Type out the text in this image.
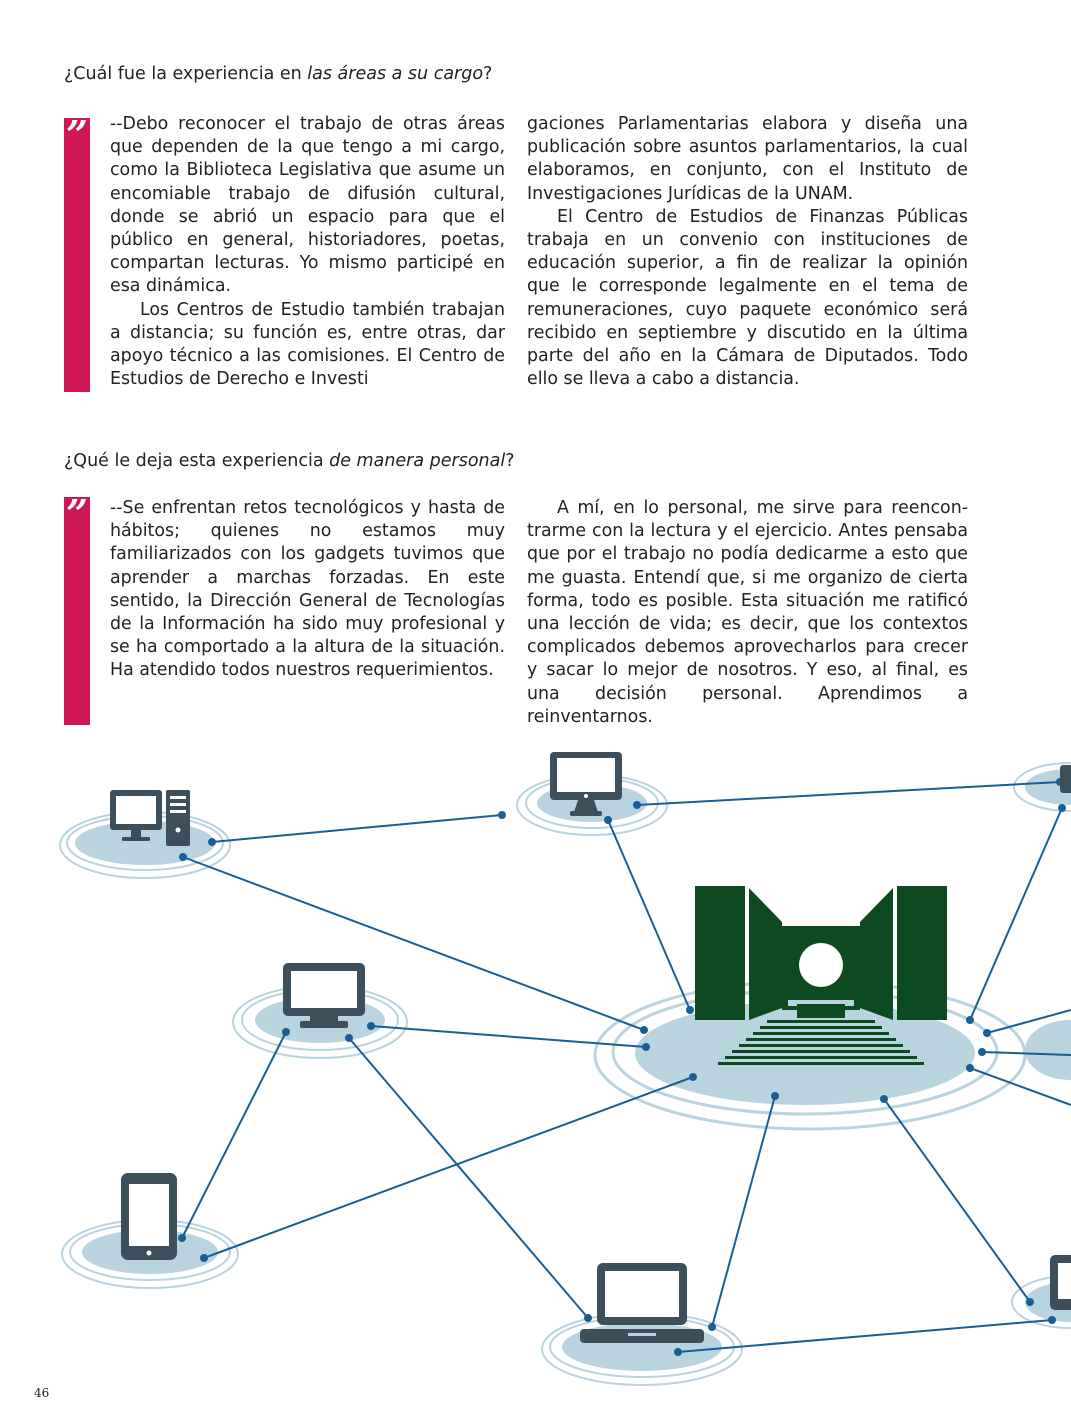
¿Cuál fue la experiencia en las áreas a su cargo?
” --Debo reconocer el trabajo de otras áreas que dependen de la que tengo a mi cargo, como la Biblioteca Legislativa que asume un encomiable trabajo de difusión cultural, donde se abrió un espacio para que el público en general, historiadores, poetas, compartan lecturas. Yo mismo participé en esa dinámica.

Los Centros de Estudio también trabajan a distancia; su función es, entre otras, dar apoyo técnico a las comisiones. El Centro de Estudios de Derecho e Investi

gaciones Parlamentarias elabora y diseña una publicación sobre asuntos parlamentarios, la cual elaboramos, en conjunto, con el Instituto de Investigaciones Jurídicas de la UNAM.

El Centro de Estudios de Finanzas Públicas trabaja en un convenio con instituciones de educación superior, a fin de realizar la opinión que le corresponde legalmente en el tema de remuneraciones, cuyo paquete económico será recibido en septiembre y discutido en la última parte del año en la Cámara de Diputados. Todo ello se lleva a cabo a distancia.

¿Qué le deja esta experiencia de manera personal?
” --Se enfrentan retos tecnológicos y hasta de hábitos; quienes no estamos muy familiarizados con los gadgets tuvimos que aprender a marchas forzadas. En este sentido, la Dirección General de Tecnologías de la Información ha sido muy profesional y se ha comportado a la altura de la situación. Ha atendido todos nuestros requerimientos.

A mí, en lo personal, me sirve para reencontrarme con la lectura y el ejercicio. Antes pensaba que por el trabajo no podía dedicarme a esto que me guasta. Entendí que, si me organizo de cierta forma, todo es posible. Esta situación me ratificó una lección de vida; es decir, que los contextos complicados debemos aprovecharlos para crecer y sacar lo mejor de nosotros. Y eso, al final, es una decisión personal. Aprendimos a reinventarnos.

46
